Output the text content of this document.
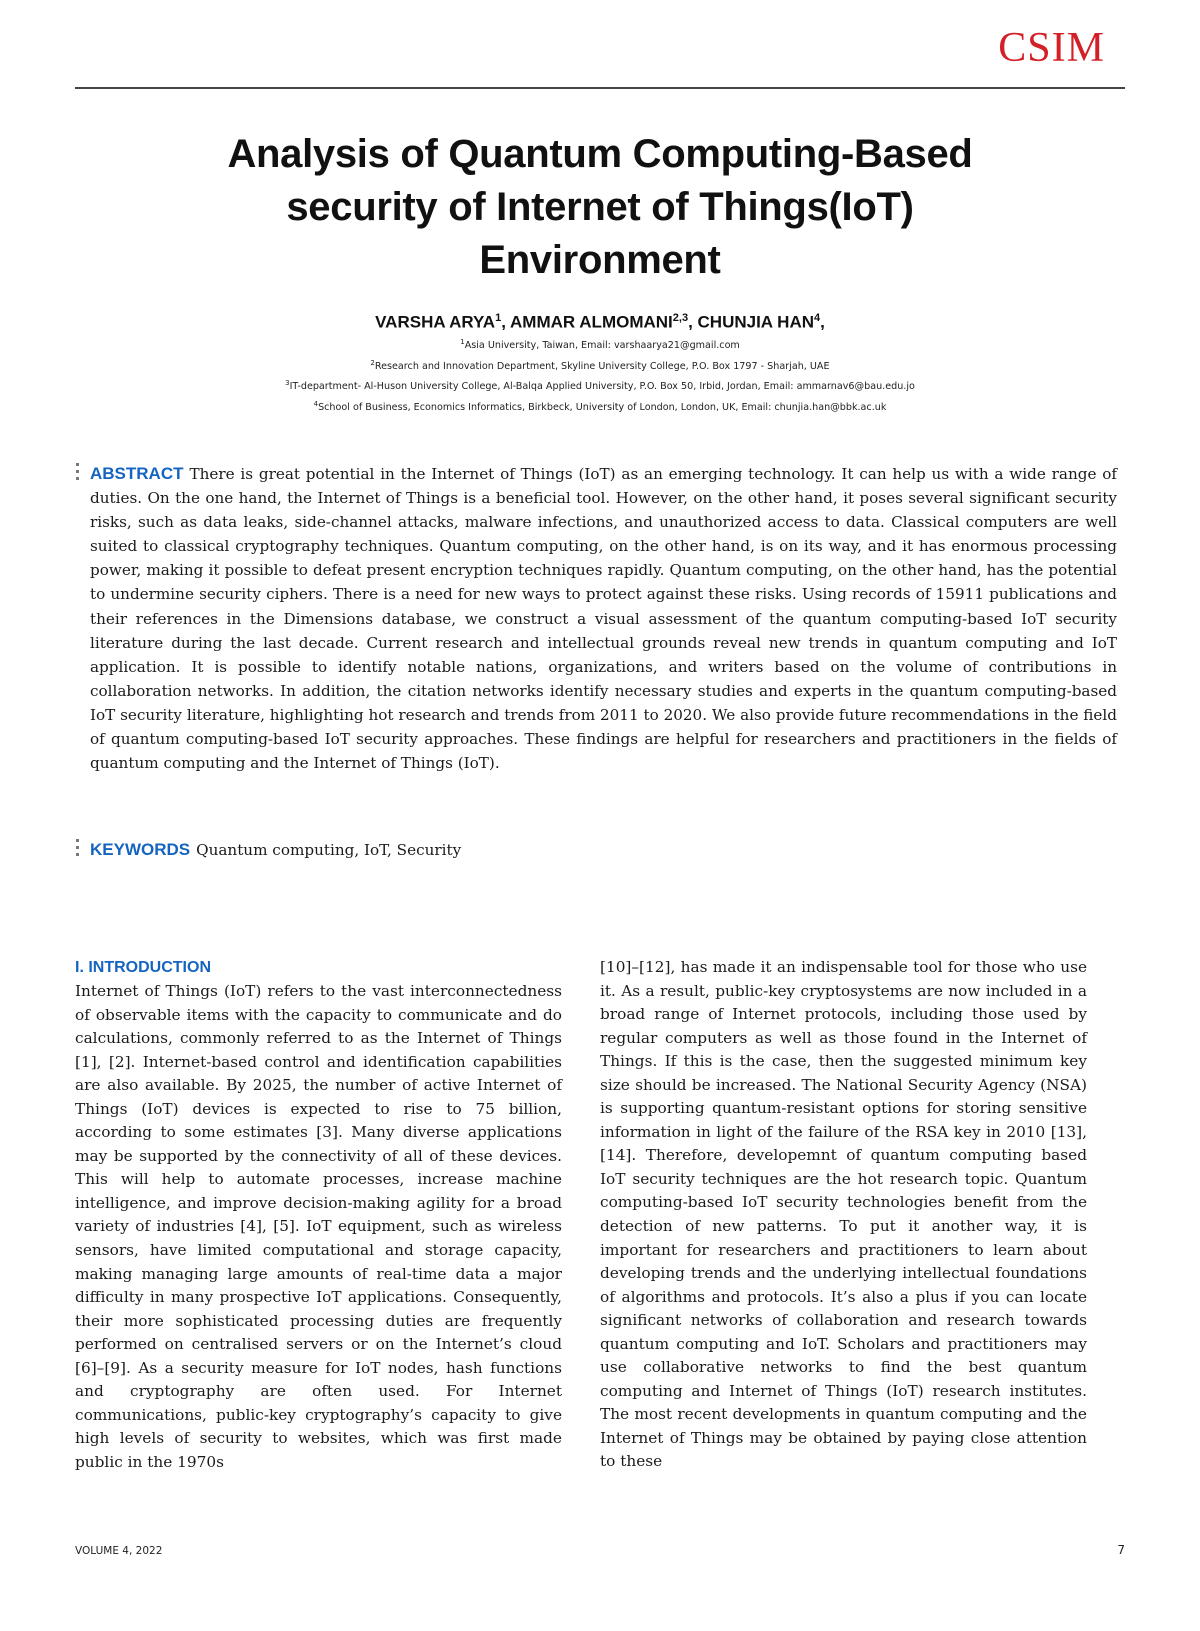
CSIM
Analysis of Quantum Computing-Based
security of Internet of Things(IoT)
Environment
VARSHA ARYA$^1$, AMMAR ALMOMANI$^{2,3}$, CHUNJIA HAN$^4$,
$^1$Asia University, Taiwan, Email: varshaarya21@gmail.com
$^2$Research and Innovation Department, Skyline University College, P.O. Box 1797 - Sharjah, UAE
$^3$IT-department- Al-Huson University College, Al-Balqa Applied University, P.O. Box 50, Irbid, Jordan, Email: ammarnav6@bau.edu.jo
$^4$School of Business, Economics Informatics, Birkbeck, University of London, London, UK, Email: chunjia.han@bbk.ac.uk
ABSTRACT There is great potential in the Internet of Things (IoT) as an emerging technology. It can help us with a wide range of duties. On the one hand, the Internet of Things is a beneficial tool. However, on the other hand, it poses several significant security risks, such as data leaks, side-channel attacks, malware infections, and unauthorized access to data. Classical computers are well suited to classical cryptography techniques. Quantum computing, on the other hand, is on its way, and it has enormous processing power, making it possible to defeat present encryption techniques rapidly. Quantum computing, on the other hand, has the potential to undermine security ciphers. There is a need for new ways to protect against these risks. Using records of 15911 publications and their references in the Dimensions database, we construct a visual assessment of the quantum computing-based IoT security literature during the last decade. Current research and intellectual grounds reveal new trends in quantum computing and IoT application. It is possible to identify notable nations, organizations, and writers based on the volume of contributions in collaboration networks. In addition, the citation networks identify necessary studies and experts in the quantum computing-based IoT security literature, highlighting hot research and trends from 2011 to 2020. We also provide future recommendations in the field of quantum computing-based IoT security approaches. These findings are helpful for researchers and practitioners in the fields of quantum computing and the Internet of Things (IoT).
KEYWORDS Quantum computing, IoT, Security
I. INTRODUCTION
Internet of Things (IoT) refers to the vast interconnectedness of observable items with the capacity to communicate and do calculations, commonly referred to as the Internet of Things [1], [2]. Internet-based control and identification capabilities are also available. By 2025, the number of active Internet of Things (IoT) devices is expected to rise to 75 billion, according to some estimates [3]. Many diverse applications may be supported by the connectivity of all of these devices. This will help to automate processes, increase machine intelligence, and improve decision-making agility for a broad variety of industries [4], [5]. IoT equipment, such as wireless sensors, have limited computational and storage capacity, making managing large amounts of real-time data a major difficulty in many prospective IoT applications. Consequently, their more sophisticated processing duties are frequently performed on centralised servers or on the Internet’s cloud [6]–[9]. As a security measure for IoT nodes, hash functions and cryptography are often used. For Internet communications, public-key cryptography’s capacity to give high levels of security to websites, which was first made public in the 1970s
[10]–[12], has made it an indispensable tool for those who use it. As a result, public-key cryptosystems are now included in a broad range of Internet protocols, including those used by regular computers as well as those found in the Internet of Things. If this is the case, then the suggested minimum key size should be increased. The National Security Agency (NSA) is supporting quantum-resistant options for storing sensitive information in light of the failure of the RSA key in 2010 [13], [14]. Therefore, developemnt of quantum computing based IoT security techniques are the hot research topic. Quantum computing-based IoT security technologies benefit from the detection of new patterns. To put it another way, it is important for researchers and practitioners to learn about developing trends and the underlying intellectual foundations of algorithms and protocols. It’s also a plus if you can locate significant networks of collaboration and research towards quantum computing and IoT. Scholars and practitioners may use collaborative networks to find the best quantum computing and Internet of Things (IoT) research institutes. The most recent developments in quantum computing and the Internet of Things may be obtained by paying close attention to these
VOLUME 4, 2022	7
